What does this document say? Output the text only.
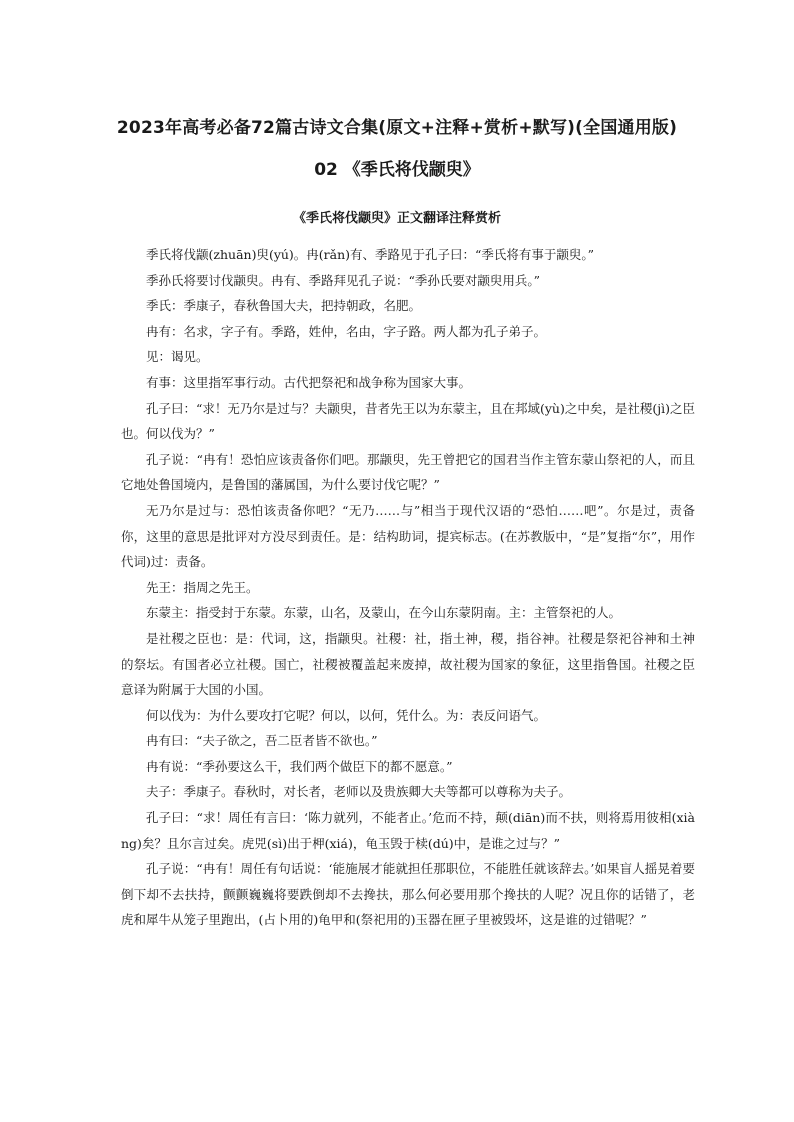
2023年高考必备72篇古诗文合集(原文+注释+赏析+默写)(全国通用版)
02 《季氏将伐颛臾》
《季氏将伐颛臾》正文翻译注释赏析

季氏将伐颛(zhuān)臾(yú)。冉(rǎn)有、季路见于孔子曰：“季氏将有事于颛臾。”

季孙氏将要讨伐颛臾。冉有、季路拜见孔子说：“季孙氏要对颛臾用兵。”

季氏：季康子，春秋鲁国大夫，把持朝政，名肥。

冉有：名求，字子有。季路，姓仲，名由，字子路。两人都为孔子弟子。

见：谒见。

有事：这里指军事行动。古代把祭祀和战争称为国家大事。

孔子曰：“求！无乃尔是过与？夫颛臾，昔者先王以为东蒙主，且在邦域(yù)之中矣，是社稷(jì)之臣也。何以伐为？”

孔子说：“冉有！恐怕应该责备你们吧。那颛臾，先王曾把它的国君当作主管东蒙山祭祀的人，而且它地处鲁国境内，是鲁国的藩属国，为什么要讨伐它呢？”

无乃尔是过与：恐怕该责备你吧？“无乃……与”相当于现代汉语的“恐怕……吧”。尔是过，责备你，这里的意思是批评对方没尽到责任。是：结构助词，提宾标志。(在苏教版中，“是”复指“尔”，用作代词)过：责备。

先王：指周之先王。

东蒙主：指受封于东蒙。东蒙，山名，及蒙山，在今山东蒙阴南。主：主管祭祀的人。

是社稷之臣也：是：代词，这，指颛臾。社稷：社，指土神，稷，指谷神。社稷是祭祀谷神和土神的祭坛。有国者必立社稷。国亡，社稷被覆盖起来废掉，故社稷为国家的象征，这里指鲁国。社稷之臣意译为附属于大国的小国。

何以伐为：为什么要攻打它呢？何以，以何，凭什么。为：表反问语气。

冉有曰：“夫子欲之，吾二臣者皆不欲也。”

冉有说：“季孙要这么干，我们两个做臣下的都不愿意。”

夫子：季康子。春秋时，对长者，老师以及贵族卿大夫等都可以尊称为夫子。

孔子曰：“求！周任有言曰：‘陈力就列，不能者止。’危而不持，颠(diān)而不扶，则将焉用彼相(xiàng)矣？且尔言过矣。虎兕(sì)出于柙(xiá)，龟玉毁于椟(dú)中，是谁之过与？”

孔子说：“冉有！周任有句话说：‘能施展才能就担任那职位，不能胜任就该辞去。’如果盲人摇晃着要倒下却不去扶持，颤颤巍巍将要跌倒却不去搀扶，那么何必要用那个搀扶的人呢？况且你的话错了，老虎和犀牛从笼子里跑出，(占卜用的)龟甲和(祭祀用的)玉器在匣子里被毁坏，这是谁的过错呢？”
